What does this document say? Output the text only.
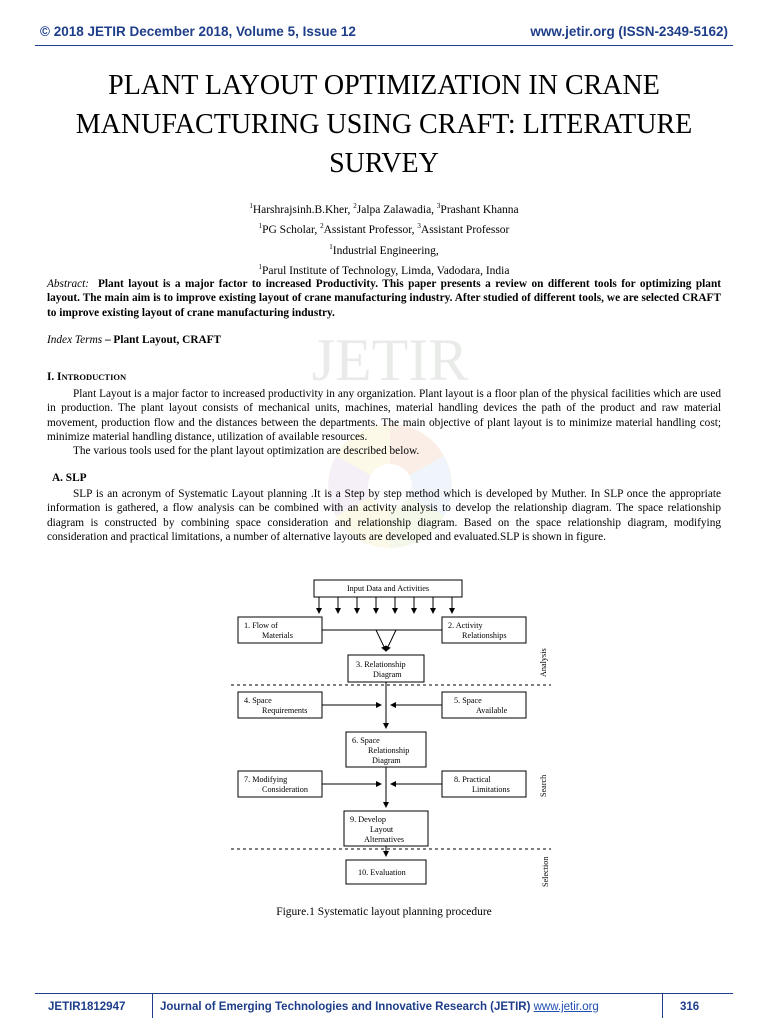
© 2018 JETIR December 2018, Volume 5, Issue 12	www.jetir.org (ISSN-2349-5162)
PLANT LAYOUT OPTIMIZATION IN CRANE MANUFACTURING USING CRAFT: LITERATURE SURVEY
$^1$Harshrajsinh.B.Kher, $^2$Jalpa Zalawadia, $^3$Prashant Khanna
$^1$PG Scholar, $^2$Assistant Professor, $^3$Assistant Professor
$^1$Industrial Engineering,
$^1$Parul Institute of Technology, Limda, Vadodara, India
JETIR
Abstract: Plant layout is a major factor to increased Productivity. This paper presents a review on different tools for optimizing plant layout. The main aim is to improve existing layout of crane manufacturing industry. After studied of different tools, we are selected CRAFT to improve existing layout of crane manufacturing industry.
Index Terms – Plant Layout, CRAFT
I. INTRODUCTION
Plant Layout is a major factor to increased productivity in any organization. Plant layout is a floor plan of the physical facilities which are used in production. The plant layout consists of mechanical units, machines, material handling devices the path of the product and raw material movement, production flow and the distances between the departments. The main objective of plant layout is to minimize material handling cost; minimize material handling distance, utilization of available resources.
The various tools used for the plant layout optimization are described below.
A. SLP
SLP is an acronym of Systematic Layout planning .It is a Step by step method which is developed by Muther. In SLP once the appropriate information is gathered, a flow analysis can be combined with an activity analysis to develop the relationship diagram. The space relationship diagram is constructed by combining space consideration and relationship diagram. Based on the space relationship diagram, modifying consideration and practical limitations, a number of alternative layouts are developed and evaluated.SLP is shown in figure.
Input Data and Activities
1. Flow of
Materials
2. Activity
Relationships
3. Relationship
Diagram
4. Space
Requirements
5. Space
Available
6. Space
Relationship
Diagram
7. Modifying
Consideration
8. Practical
Limitations
9. Develop
Layout
Alternatives
10. Evaluation
Analysis
Search
Selection
Figure.1 Systematic layout planning procedure
JETIR1812947	Journal of Emerging Technologies and Innovative Research (JETIR) www.jetir.org	316
